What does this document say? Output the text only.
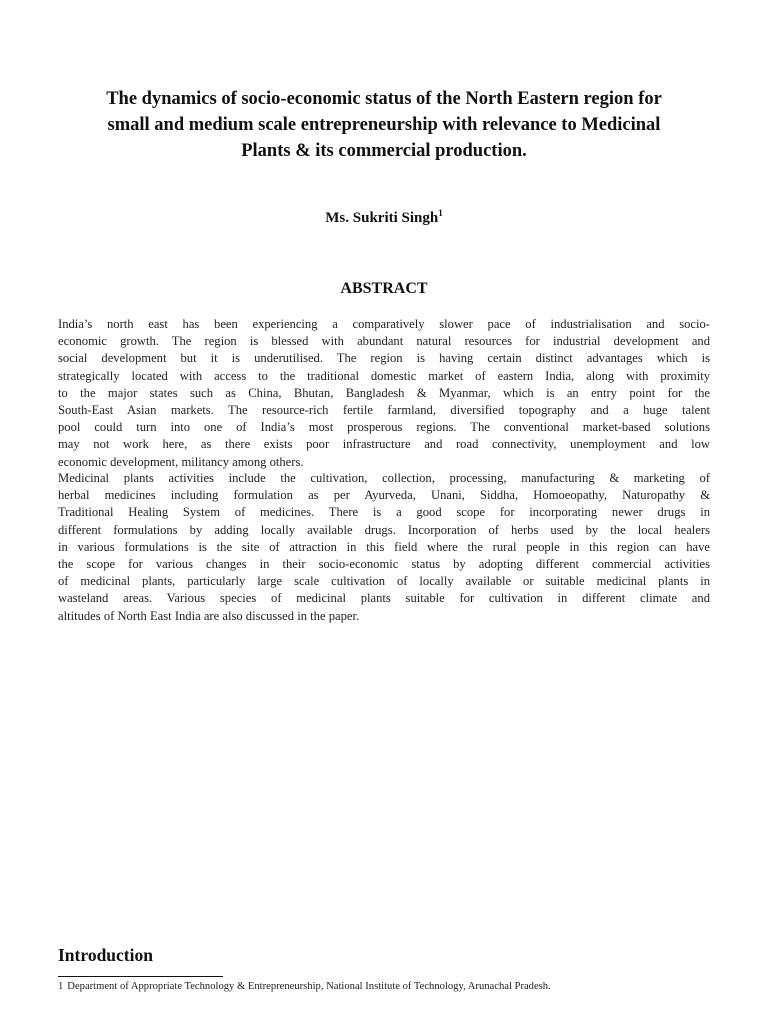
The dynamics of socio-economic status of the North Eastern region for
small and medium scale entrepreneurship with relevance to Medicinal
Plants & its commercial production.
Ms. Sukriti Singh$^1$
ABSTRACT
India’s north east has been experiencing a comparatively slower pace of industrialisation and socio-
economic growth. The region is blessed with abundant natural resources for industrial development and
social development but it is underutilised. The region is having certain distinct advantages which is
strategically located with access to the traditional domestic market of eastern India, along with proximity
to the major states such as China, Bhutan, Bangladesh & Myanmar, which is an entry point for the
South-East Asian markets. The resource-rich fertile farmland, diversified topography and a huge talent
pool could turn into one of India’s most prosperous regions. The conventional market-based solutions
may not work here, as there exists poor infrastructure and road connectivity, unemployment and low
economic development, militancy among others.
Medicinal plants activities include the cultivation, collection, processing, manufacturing & marketing of
herbal medicines including formulation as per Ayurveda, Unani, Siddha, Homoeopathy, Naturopathy &
Traditional Healing System of medicines. There is a good scope for incorporating newer drugs in
different formulations by adding locally available drugs. Incorporation of herbs used by the local healers
in various formulations is the site of attraction in this field where the rural people in this region can have
the scope for various changes in their socio-economic status by adopting different commercial activities
of medicinal plants, particularly large scale cultivation of locally available or suitable medicinal plants in
wasteland areas. Various species of medicinal plants suitable for cultivation in different climate and
altitudes of North East India are also discussed in the paper.
Introduction
1 Department of Appropriate Technology & Entrepreneurship, National Institute of Technology, Arunachal Pradesh.
